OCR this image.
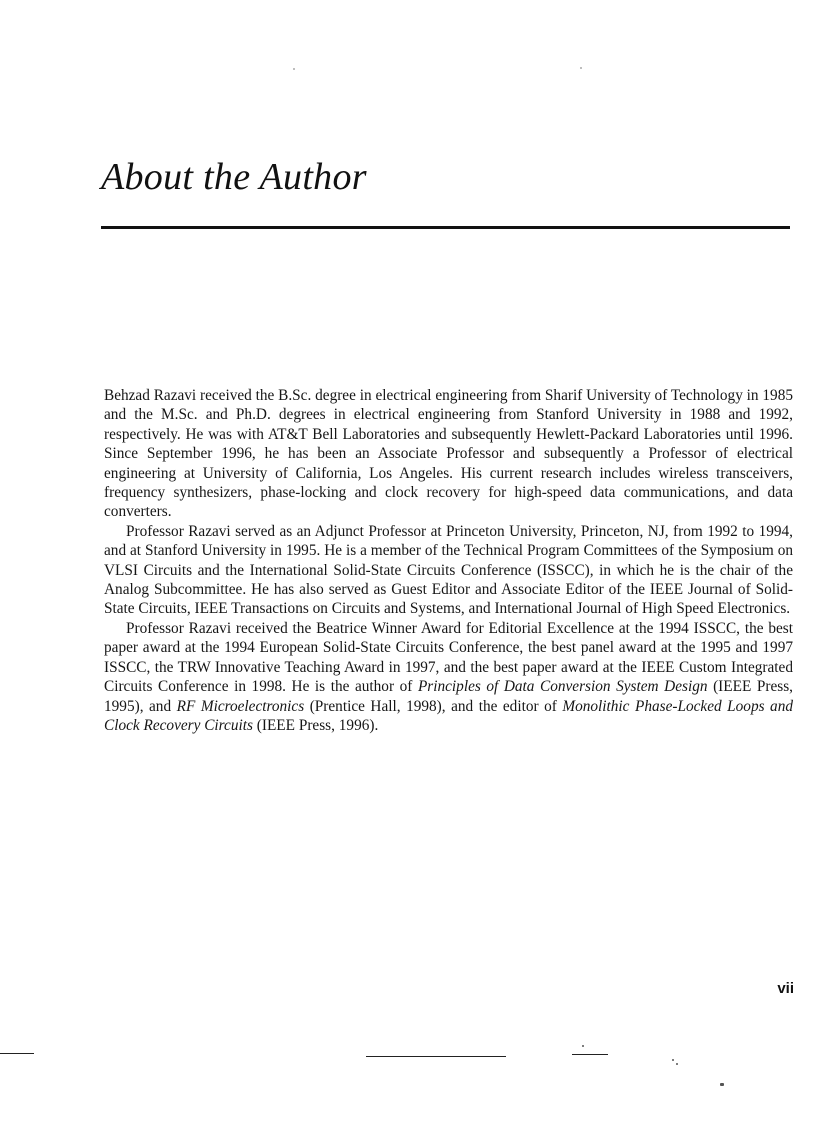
About the Author

Behzad Razavi received the B.Sc. degree in electrical engineering from Sharif University of Technology in 1985 and the M.Sc. and Ph.D. degrees in electrical engineering from Stanford University in 1988 and 1992, respectively. He was with AT&T Bell Laboratories and subsequently Hewlett-Packard Laboratories until 1996. Since September 1996, he has been an Associate Professor and subsequently a Professor of electrical engineering at University of California, Los Angeles. His current research includes wireless transceivers, frequency synthesizers, phase-locking and clock recovery for high-speed data communications, and data converters.

Professor Razavi served as an Adjunct Professor at Princeton University, Princeton, NJ, from 1992 to 1994, and at Stanford University in 1995. He is a member of the Technical Program Committees of the Symposium on VLSI Circuits and the International Solid-State Circuits Conference (ISSCC), in which he is the chair of the Analog Subcommittee. He has also served as Guest Editor and Associate Editor of the IEEE Journal of Solid-State Circuits, IEEE Transactions on Circuits and Systems, and International Journal of High Speed Electronics.

Professor Razavi received the Beatrice Winner Award for Editorial Excellence at the 1994 ISSCC, the best paper award at the 1994 European Solid-State Circuits Conference, the best panel award at the 1995 and 1997 ISSCC, the TRW Innovative Teaching Award in 1997, and the best paper award at the IEEE Custom Integrated Circuits Conference in 1998. He is the author of Principles of Data Conversion System Design (IEEE Press, 1995), and RF Microelectronics (Prentice Hall, 1998), and the editor of Monolithic Phase-Locked Loops and Clock Recovery Circuits (IEEE Press, 1996).

vii
